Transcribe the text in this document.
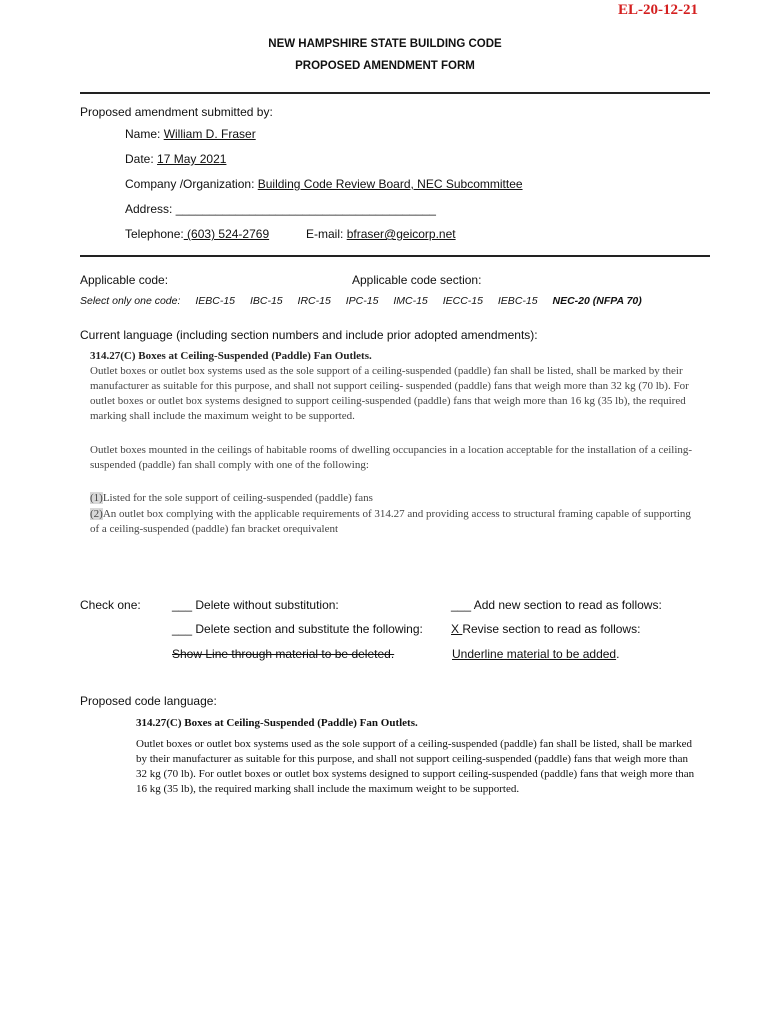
EL-20-12-21
NEW HAMPSHIRE STATE BUILDING CODE
PROPOSED AMENDMENT FORM
Proposed amendment submitted by:
Name: William D. Fraser
Date: 17 May 2021
Company /Organization: Building Code Review Board, NEC Subcommittee
Address: _______________________________________
Telephone: (603) 524-2769	E-mail: bfraser@geicorp.net
Applicable code:	Applicable code section:
Select only one code: IEBC-15 IBC-15 IRC-15 IPC-15 IMC-15 IECC-15 IEBC-15 NEC-20 (NFPA 70)
Current language (including section numbers and include prior adopted amendments):
314.27(C) Boxes at Ceiling-Suspended (Paddle) Fan Outlets.
Outlet boxes or outlet box systems used as the sole support of a ceiling-suspended (paddle) fan shall be listed, shall be marked by their manufacturer as suitable for this purpose, and shall not support ceiling- suspended (paddle) fans that weigh more than 32 kg (70 lb). For outlet boxes or outlet box systems designed to support ceiling-suspended (paddle) fans that weigh more than 16 kg (35 lb), the required marking shall include the maximum weight to be supported.
Outlet boxes mounted in the ceilings of habitable rooms of dwelling occupancies in a location acceptable for the installation of a ceiling-suspended (paddle) fan shall comply with one of the following:
(1)Listed for the sole support of ceiling-suspended (paddle) fans
(2)An outlet box complying with the applicable requirements of 314.27 and providing access to structural framing capable of supporting of a ceiling-suspended (paddle) fan bracket orequivalent
Check one:	___ Delete without substitution:	___ Add new section to read as follows:
___ Delete section and substitute the following: X Revise section to read as follows:
Show Line through material to be deleted.	Underline material to be added.
Proposed code language:
314.27(C) Boxes at Ceiling-Suspended (Paddle) Fan Outlets.
Outlet boxes or outlet box systems used as the sole support of a ceiling-suspended (paddle) fan shall be listed, shall be marked by their manufacturer as suitable for this purpose, and shall not support ceiling-suspended (paddle) fans that weigh more than 32 kg (70 lb). For outlet boxes or outlet box systems designed to support ceiling-suspended (paddle) fans that weigh more than 16 kg (35 lb), the required marking shall include the maximum weight to be supported.
